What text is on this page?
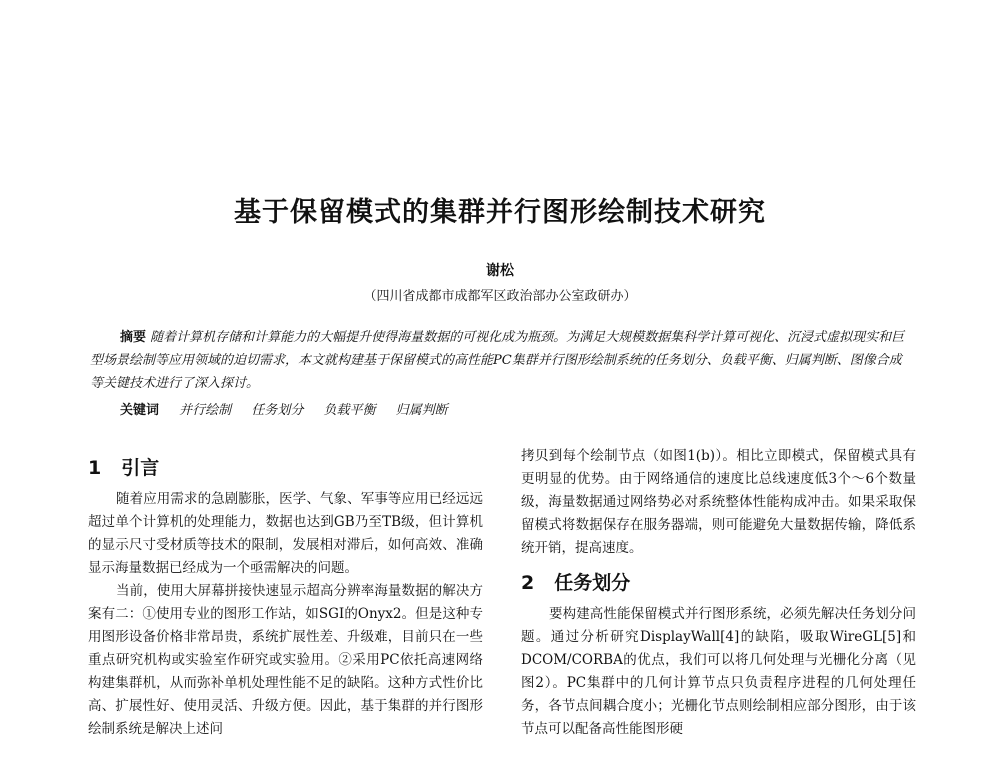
基于保留模式的集群并行图形绘制技术研究
谢松
（四川省成都市成都军区政治部办公室政研办）

摘要 随着计算机存储和计算能力的大幅提升使得海量数据的可视化成为瓶颈。为满足大规模数据集科学计算可视化、沉浸式虚拟现实和巨型场景绘制等应用领域的迫切需求，本文就构建基于保留模式的高性能PC集群并行图形绘制系统的任务划分、负载平衡、归属判断、图像合成等关键技术进行了深入探讨。

关键词 并行绘制 任务划分 负载平衡 归属判断
1 引言

随着应用需求的急剧膨胀，医学、气象、军事等应用已经远远超过单个计算机的处理能力，数据也达到GB乃至TB级，但计算机的显示尺寸受材质等技术的限制，发展相对滞后，如何高效、准确显示海量数据已经成为一个亟需解决的问题。

当前，使用大屏幕拼接快速显示超高分辨率海量数据的解决方案有二：①使用专业的图形工作站，如SGI的Onyx2。但是这种专用图形设备价格非常昂贵，系统扩展性差、升级难，目前只在一些重点研究机构或实验室作研究或实验用。②采用PC依托高速网络构建集群机，从而弥补单机处理性能不足的缺陷。这种方式性价比高、扩展性好、使用灵活、升级方便。因此，基于集群的并行图形绘制系统是解决上述问

拷贝到每个绘制节点（如图1(b)）。相比立即模式，保留模式具有更明显的优势。由于网络通信的速度比总线速度低3个～6个数量级，海量数据通过网络势必对系统整体性能构成冲击。如果采取保留模式将数据保存在服务器端，则可能避免大量数据传输，降低系统开销，提高速度。

2 任务划分

要构建高性能保留模式并行图形系统，必须先解决任务划分问题。通过分析研究DisplayWall[4]的缺陷，吸取WireGL[5]和DCOM/CORBA的优点，我们可以将几何处理与光栅化分离（见图2）。PC集群中的几何计算节点只负责程序进程的几何处理任务，各节点间耦合度小；光栅化节点则绘制相应部分图形，由于该节点可以配备高性能图形硬
